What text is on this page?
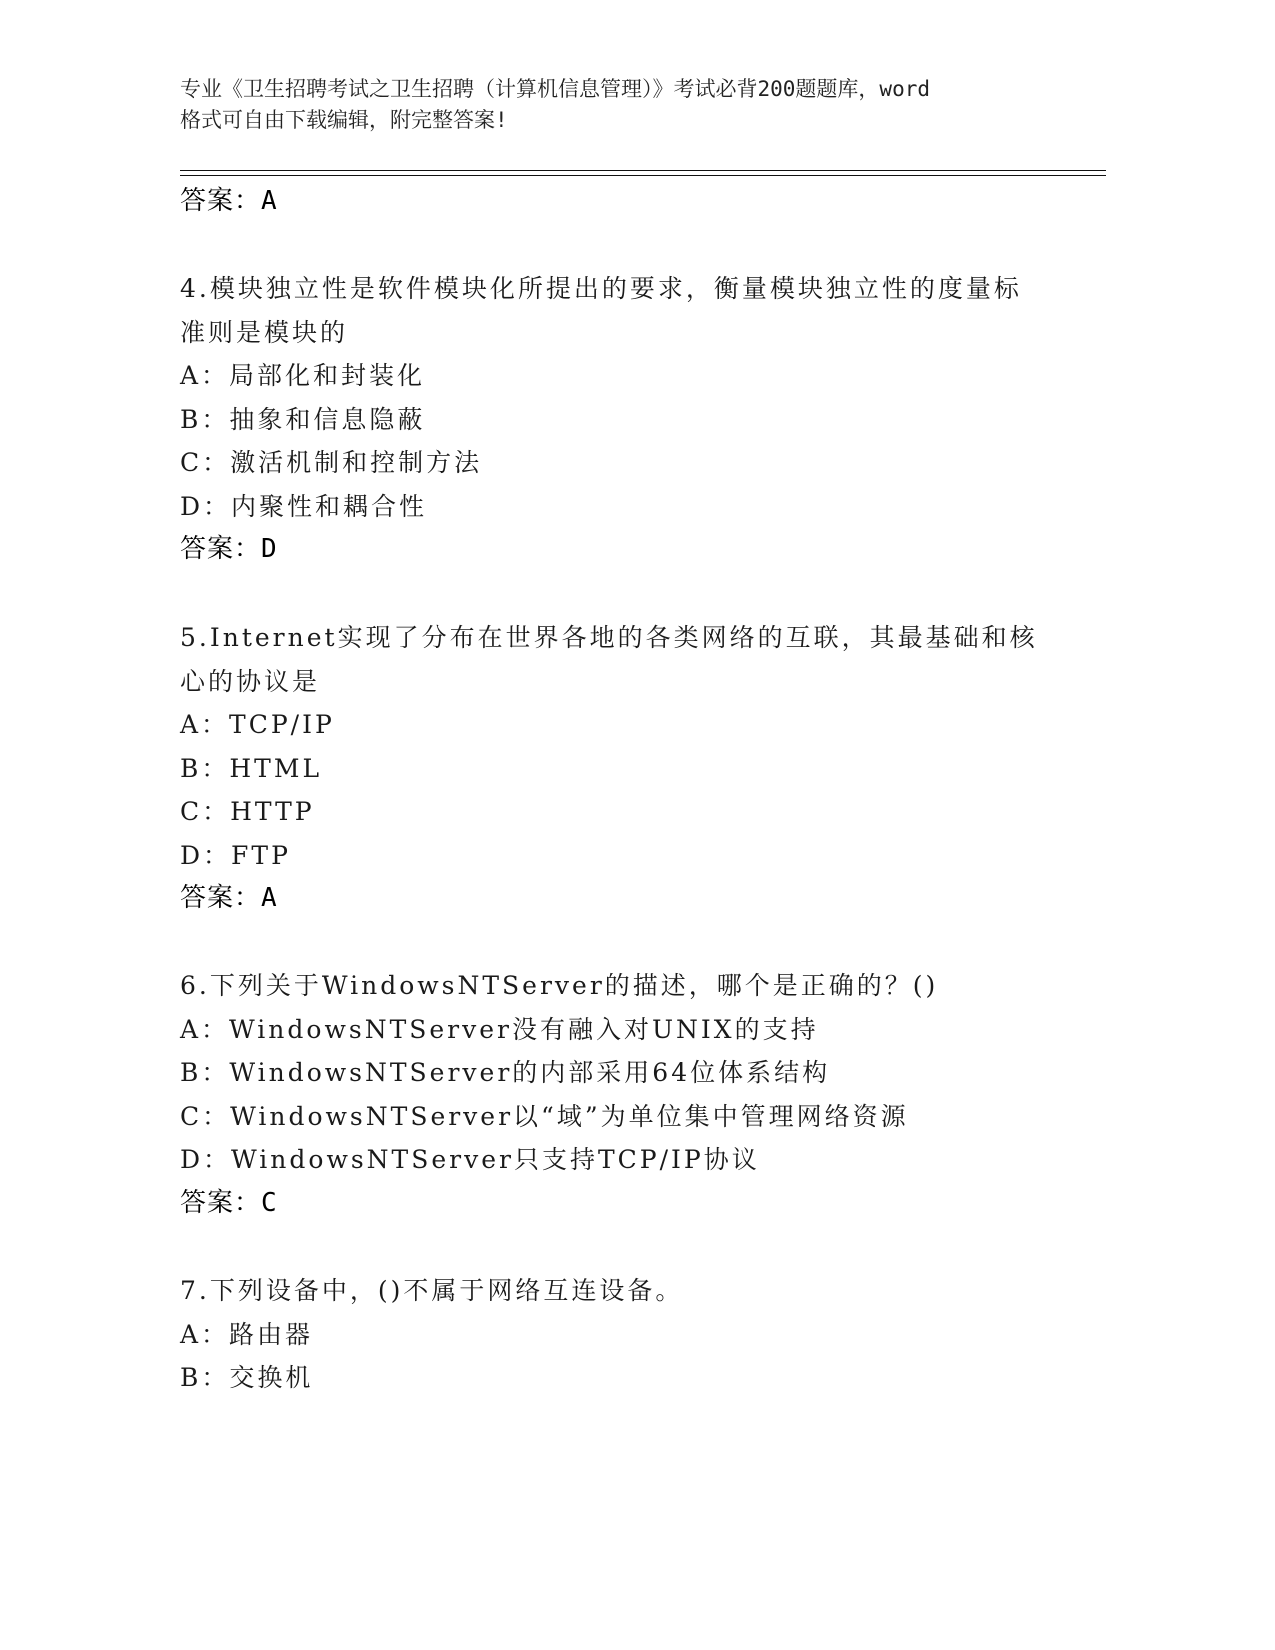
专业《卫生招聘考试之卫生招聘（计算机信息管理）》考试必背200题题库，word
格式可自由下载编辑，附完整答案!
答案：A
4.模块独立性是软件模块化所提出的要求，衡量模块独立性的度量标
准则是模块的
A：局部化和封装化
B：抽象和信息隐蔽
C：激活机制和控制方法
D：内聚性和耦合性
答案：D
5.Internet实现了分布在世界各地的各类网络的互联，其最基础和核
心的协议是
A：TCP/IP
B：HTML
C：HTTP
D：FTP
答案：A
6.下列关于WindowsNTServer的描述，哪个是正确的？()
A：WindowsNTServer没有融入对UNIX的支持
B：WindowsNTServer的内部采用64位体系结构
C：WindowsNTServer以“域”为单位集中管理网络资源
D：WindowsNTServer只支持TCP/IP协议
答案：C
7.下列设备中，()不属于网络互连设备。
A：路由器
B：交换机
